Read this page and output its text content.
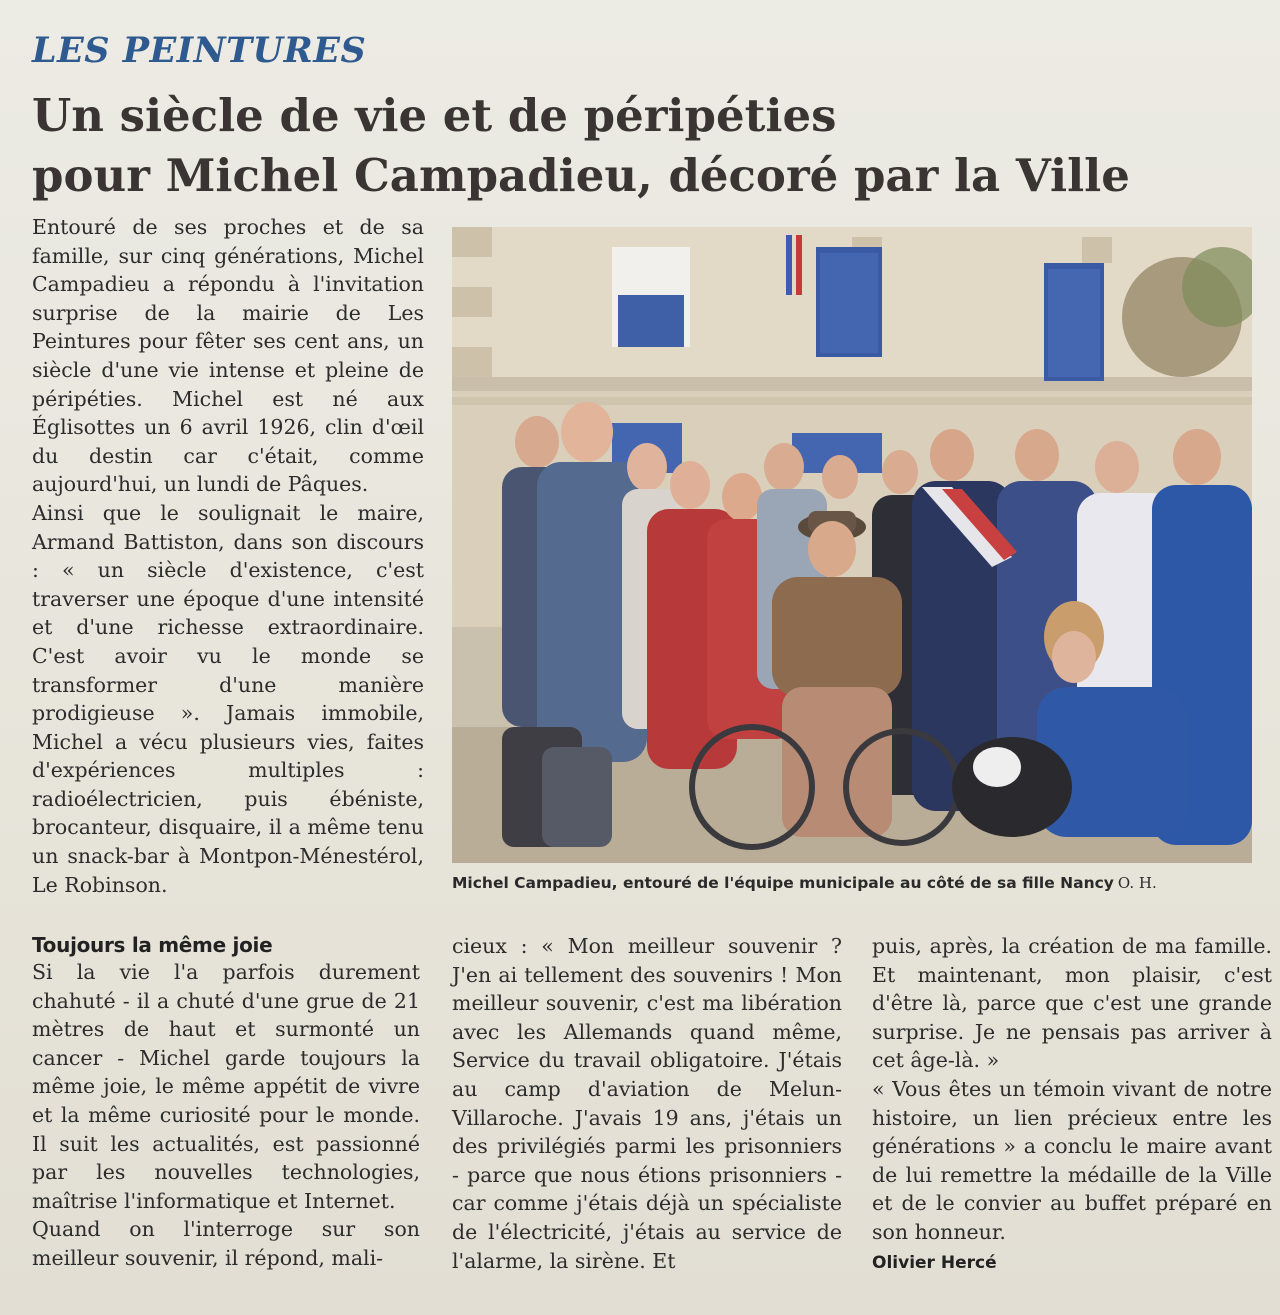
LES PEINTURES
Un siècle de vie et de péripéties
pour Michel Campadieu, décoré par la Ville

Entouré de ses proches et de sa famille, sur cinq générations, Michel Campadieu a répondu à l'invitation surprise de la mairie de Les Peintures pour fêter ses cent ans, un siècle d'une vie intense et pleine de péripéties. Michel est né aux Églisottes un 6 avril 1926, clin d'œil du destin car c'était, comme aujourd'hui, un lundi de Pâques.

Ainsi que le soulignait le maire, Armand Battiston, dans son discours : « un siècle d'existence, c'est traverser une époque d'une intensité et d'une richesse extraordinaire. C'est avoir vu le monde se transformer d'une manière prodigieuse ». Jamais immobile, Michel a vécu plusieurs vies, faites d'expériences multiples : radioélectricien, puis ébéniste, brocanteur, disquaire, il a même tenu un snack-bar à Montpon-Ménestérol, Le Robinson.	Michel Campadieu, entouré de l'équipe municipale au côté de sa fille Nancy O. H.
Toujours la même joie

Si la vie l'a parfois durement chahuté - il a chuté d'une grue de 21 mètres de haut et surmonté un cancer - Michel garde toujours la même joie, le même appétit de vivre et la même curiosité pour le monde. Il suit les actualités, est passionné par les nouvelles technologies, maîtrise l'informatique et Internet.

Quand on l'interroge sur son meilleur souvenir, il répond, mali-

cieux : « Mon meilleur souvenir ? J'en ai tellement des souvenirs ! Mon meilleur souvenir, c'est ma libération avec les Allemands quand même, Service du travail obligatoire. J'étais au camp d'aviation de Melun-Villaroche. J'avais 19 ans, j'étais un des privilégiés parmi les prisonniers - parce que nous étions prisonniers - car comme j'étais déjà un spécialiste de l'électricité, j'étais au service de l'alarme, la sirène. Et

puis, après, la création de ma famille. Et maintenant, mon plaisir, c'est d'être là, parce que c'est une grande surprise. Je ne pensais pas arriver à cet âge-là. »

« Vous êtes un témoin vivant de notre histoire, un lien précieux entre les générations » a conclu le maire avant de lui remettre la médaille de la Ville et de le convier au buffet préparé en son honneur.

Olivier Hercé
